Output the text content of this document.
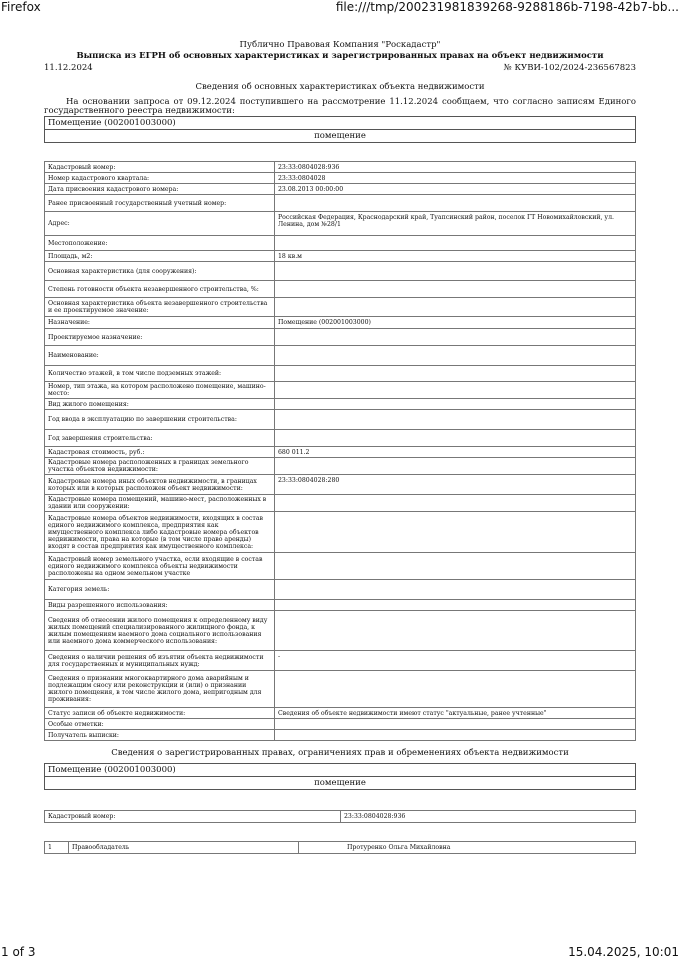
Firefox	file:///tmp/200231981839268-9288186b-7198-42b7-bb...
Публично Правовая Компания "Роскадастр"
Выписка из ЕГРН об основных характеристиках и зарегистрированных правах на объект недвижимости
11.12.2024	№ КУВИ-102/2024-236567823
Сведения об основных характеристиках объекта недвижимости
На основании запроса от 09.12.2024 поступившего на рассмотрение 11.12.2024 сообщаем, что согласно записям Единого государственного реестра недвижимости:
Помещение (002001003000)
помещение
Кадастровый номер:	23:33:0804028:936
Номер кадастрового квартала:	23:33:0804028
Дата присвоения кадастрового номера:	23.08.2013 00:00:00
Ранее присвоенный государственный учетный номер:	
Адрес:	Российская Федерация, Краснодарский край, Туапсинский район, поселок ГТ Новомихайловский, ул. Ленина, дом №28/1
Местоположение:	
Площадь, м2:	18 кв.м
Основная характеристика (для сооружения):	
Степень готовности объекта незавершенного строительства, %:	
Основная характеристика объекта незавершенного строительства и ее проектируемое значение:	
Назначение:	Помещение (002001003000)
Проектируемое назначение:	
Наименование:	
Количество этажей, в том числе подземных этажей:	
Номер, тип этажа, на котором расположено помещение, машино-место:	
Вид жилого помещения:	
Год ввода в эксплуатацию по завершении строительства:	
Год завершения строительства:	
Кадастровая стоимость, руб.:	680 011.2
Кадастровые номера расположенных в границах земельного участка объектов недвижимости:	
Кадастровые номера иных объектов недвижимости, в границах которых или в которых расположен объект недвижимости:	23:33:0804028:280
Кадастровые номера помещений, машино-мест, расположенных в здании или сооружении:	
Кадастровые номера объектов недвижимости, входящих в состав единого недвижимого комплекса, предприятия как имущественного комплекса либо кадастровые номера объектов недвижимости, права на которые (в том числе право аренды) входят в состав предприятия как имущественного комплекса:	
Кадастровый номер земельного участка, если входящие в состав единого недвижимого комплекса объекты недвижимости расположены на одном земельном участке	
Категория земель:	
Виды разрешенного использования:	
Сведения об отнесении жилого помещения к определенному виду жилых помещений специализированного жилищного фонда, к жилым помещениям наемного дома социального использования или наемного дома коммерческого использования:	
Сведения о наличии решения об изъятии объекта недвижимости для государственных и муниципальных нужд:	-
Сведения о признании многоквартирного дома аварийным и подлежащим сносу или реконструкции и (или) о признании жилого помещения, в том числе жилого дома, непригодным для проживания:	
Статус записи об объекте недвижимости:	Сведения об объекте недвижимости имеют статус "актуальные, ранее учтенные"
Особые отметки:	
Получатель выписки:	
Сведения о зарегистрированных правах, ограничениях прав и обременениях объекта недвижимости
Помещение (002001003000)
помещение
Кадастровый номер:	23:33:0804028:936
1	Правообладатель	Протуренко Ольга Михайловна
1 of 3	15.04.2025, 10:01
